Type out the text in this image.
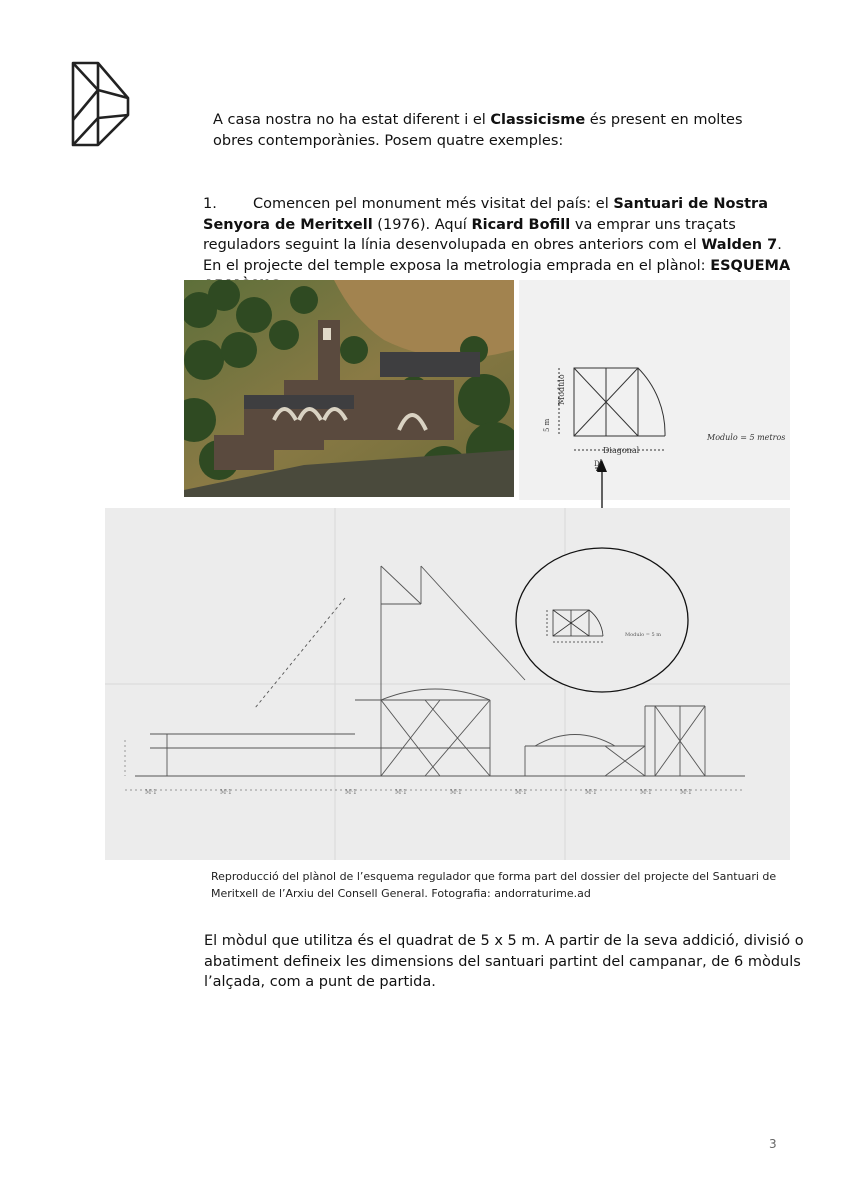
A casa nostra no ha estat diferent i el Classicisme és present en moltes obres contemporànies. Posem quatre exemples:
1. Comencen pel monument més visitat del país: el Santuari de Nostra Senyora de Meritxell (1976). Aquí Ricard Bofill va emprar uns traçats reguladors seguint la línia desenvolupada en obres anteriors com el Walden 7. En el projecte del temple exposa la metrologia emprada en el plànol: ESQUEMA
Modulo
5 m
Diagonal
D
Modulo = 5 metros
M·1	M·1	M·1	M·1	M·1	M·1	M·1	M·1	M·1
Modulo = 5 m
Reproducció del plànol de l’esquema regulador que forma part del dossier del projecte del Santuari de Meritxell de l’Arxiu del Consell General. Fotografia: andorraturime.ad
El mòdul que utilitza és el quadrat de 5 x 5 m. A partir de la seva addició, divisió o abatiment defineix les dimensions del santuari partint del campanar, de 6 mòduls l’alçada, com a punt de partida.
3
